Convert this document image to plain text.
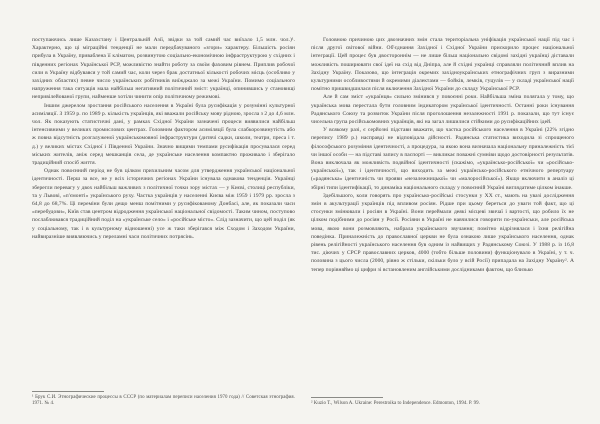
поступаючись лише Казахстану і Центральній Азії, звідки за той самий час виїхало 1,5 млн. чол.)¹. Характерно, що ці міграційні тенденції не мали передбачуваного «згори» характеру. Більшість росіян прибула в Україну, приваблена її кліматом, розвинутою соціально-економічною інфраструктурою у східних і південних регіонах Української РСР, можливістю знайти роботу за своїм фаховим рівнем. Приплив робочої сили в Україну відбувався у той самий час, коли через брак достатньої кількості робочих місць (особливо у західних областях) певне число українських робітників виїжджало за межі України. Помимо соціального напруження така ситуація мала найбільш негативний політичний зміст: українці, опинившись у становищі непривілейованої групи, найменше хотіли чинити опір політичному режимові.

Іншим джерелом зростання російського населення в Україні була русифікація у розумінні культурної асиміляції. З 1959 р. по 1989 р. кількість українців, які вважали російську мову рідною, зросла з 2 до 4,6 млн. чол. Як показують статистичні дані, у рамках Східної України зазначені процеси виявилися найбільш інтенсивними у великих промислових центрах. Головним фактором асиміляції була слабкорозвинутість або ж повна відсутність розгалуженої українськомовної інфраструктури (дитячі садки, школи, театри, преса і т. д.) у великих містах Східної і Південної України. Значно вищими темпами русифікація просувалася серед міських жителів, аніж серед мешканців села, де українське населення компактно проживало і зберігало традиційний спосіб життя.

Однак повоєнний період не був цілком прихильним часом для утвердження української національної ідентичності. Перш за все, не у всіх історичних регіонах України існувала однакова тенденція. Українці зберегли перевагу у двох найбільш важливих з політичної точки зору містах — у Києві, столиці республіки, та у Львові, «п'ємонті» українського руху. Частка українців у населенні Києва між 1959 і 1979 рр. зросла з 64,8 до 68,7%. Ці переміни були дещо менш помітними у русифікованому Донбасі, але, як показали часи «перебудови», Київ став центром відродження української національної свідомості. Таким чином, поступово послаблювався традиційний поділ на «українське село» і «російське місто». Слід зазначити, що цей поділ (як у соціальному, так і в культурному відношенні) усе ж таки зберігався між Сходом і Заходом України, найвиразніше виявляючись у переламні часи політичних потрясінь.

¹ Брук С.И. Этнографические процессы в СССР (по материалам переписи населения 1970 года) // Советская этнография. 1971. № 4.

Головною причиною цих двозначних змін стала територіальна уніфікація української нації під час і після другої світової війни. Об'єднання Західної і Східної України прискорило процес національної інтеграції. Цей процес був двостороннім — не лише більш національно свідомі західні українці діставали можливість поширювати свої ідеї на схід від Дніпра, але й східні українці справляли політичний вплив на Західну Україну. Показово, що інтеграція окремих західноукраїнських етнографічних груп з виразними культурними особливостями й окремими діалектами — бойків, лемків, гуцулів — у складі української нації помітно пришвидшилася після включення Західної України до складу Української РСР.

Але й сам зміст «українця» сильно змінився у повоєнні роки. Найбільша зміна полягала у тому, що українська мова перестала бути головним індикатором української ідентичності. Останні роки існування Радянського Союзу та розвиток України після проголошення незалежності 1991 р. показали, що тут існує чисельна група російськомовних українців, які на загал лишилися стійкими до русифікаційних ідей.

У всякому разі, є серйозні підстави вважати, що частка російського населення в Україні (22% згідно перепису 1989 р.) насправді не відповідала дійсності. Радянська статистика виходила зі спрощеного філософського розуміння ідентичності, а процедура, за якою вона визначала національну приналежність тієї чи іншої особи — на підставі запису в паспорті — викликає поважні сумніви щодо достовірності результатів. Вона виключала як можливість подвійної ідентичності (скажімо, «українсько-російської» чи «російсько-української»), так і ідентичності, що виходить за межі українсько-російського етнічного репертуару («радянська» ідентичність чи прояви «незалежницької» чи «малоросійської»). Якщо включити в аналіз ці збірні типи ідентифікації, то динаміка національного складу у повоєнній Україні виглядатиме цілком інакше.

Здебільшого, коли говорять про українсько-російські стосунки у XX ст., мають на увазі дослідження змін в акультурації українців під впливом росіян. Рідше при цьому береться до уваги той факт, що ці стосунки змінювали і росіян в Україні. Вони переймали деякі місцеві звичаї і вартості, що робило їх не цілком подібними до росіян у Росії. Росіяни в Україні не навчилися говорити по-українськи, але російська мова, якою вони розмовляють, набрала українського звучання; помітно відрізнялася і їхня релігійна поведінка. Приналежність до православної церкви не була ознакою лише українського населення, однак рівень релігійності українського населення був одним із найвищих у Радянському Союзі. У 1988 р. із 16,8 тис. діючих у СРСР православних церков, 4000 (тобто більше половини) функціонувало в Україні, у т. ч. половина з цього числа (2000, рівно ж стільки, скільки було у всій Росії) припадала на Західну Україну². А тепер порівняймо ці цифри зі встановленим англійськими дослідниками фактом, що близько

² Kuzio T., Wilson A. Ukraine: Perestroika to Independence. Edmonton, 1994. P. 99.
